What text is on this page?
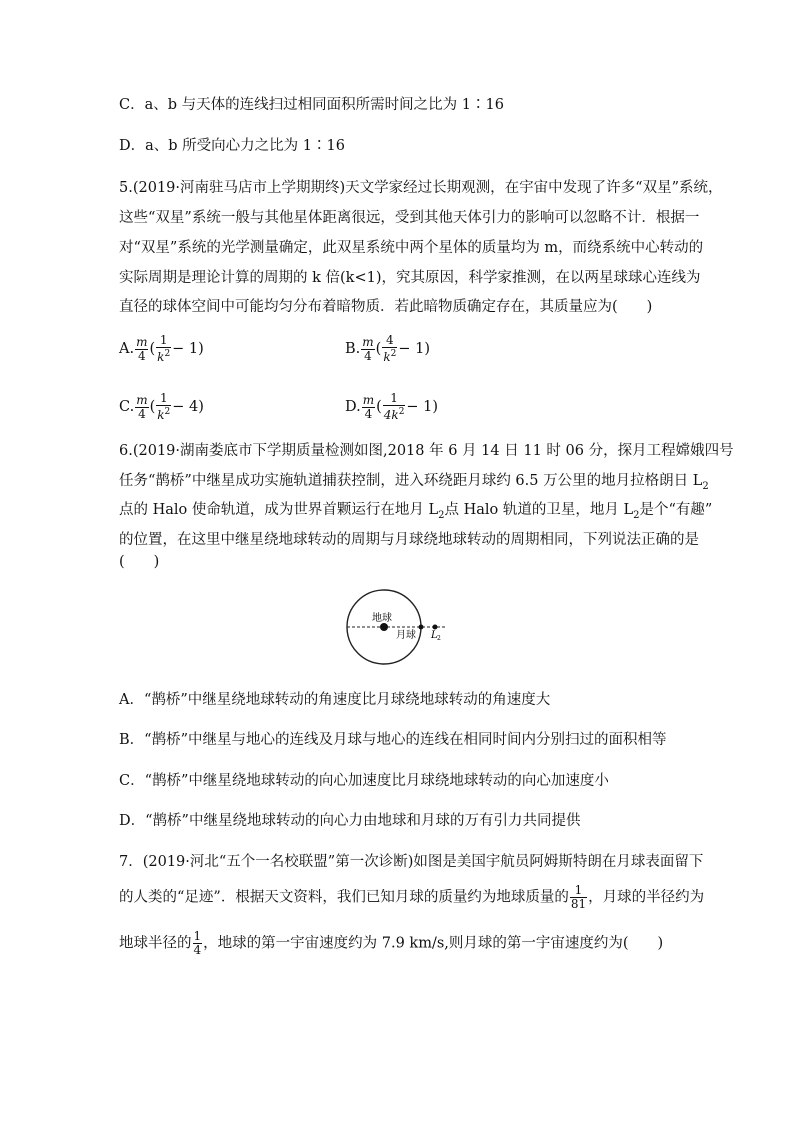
C．a、b 与天体的连线扫过相同面积所需时间之比为 1∶16
D．a、b 所受向心力之比为 1∶16
5.(2019·河南驻马店市上学期期终)天文学家经过长期观测，在宇宙中发现了许多“双星”系统，
这些“双星”系统一般与其他星体距离很远，受到其他天体引力的影响可以忽略不计．根据一
对“双星”系统的光学测量确定，此双星系统中两个星体的质量均为 m，而绕系统中心转动的
实际周期是理论计算的周期的 k 倍(k<1)，究其原因，科学家推测，在以两星球球心连线为
直径的球体空间中可能均匀分布着暗物质．若此暗物质确定存在，其质量应为(　　)
A. $\frac{m}{4}$ ( $\frac{1}{k^2} - 1$)	B. $\frac{m}{4}$ ( $\frac{4}{k^2} - 1$)
C. $\frac{m}{4}$ ( $\frac{1}{k^2} - 4$)	D. $\frac{m}{4}$ ( $\frac{1}{4k^2} - 1$)
6.(2019·湖南娄底市下学期质量检测如图,2018 年 6 月 14 日 11 时 06 分，探月工程嫦娥四号
任务“鹊桥”中继星成功实施轨道捕获控制，进入环绕距月球约 6.5 万公里的地月拉格朗日 $L_2$
点的 Halo 使命轨道，成为世界首颗运行在地月 $L_2$点 Halo 轨道的卫星，地月 $L_2$是个“有趣”
的位置，在这里中继星绕地球转动的周期与月球绕地球转动的周期相同，下列说法正确的是
(　　)
地球
月球 L 2
A．“鹊桥”中继星绕地球转动的角速度比月球绕地球转动的角速度大
B．“鹊桥”中继星与地心的连线及月球与地心的连线在相同时间内分别扫过的面积相等
C．“鹊桥”中继星绕地球转动的向心加速度比月球绕地球转动的向心加速度小
D．“鹊桥”中继星绕地球转动的向心力由地球和月球的万有引力共同提供
7．(2019·河北“五个一名校联盟”第一次诊断)如图是美国宇航员阿姆斯特朗在月球表面留下
的人类的“足迹”．根据天文资料，我们已知月球的质量约为地球质量的 $\frac{1}{81}$ ，月球的半径约为
地球半径的 $\frac{1}{4}$ ，地球的第一宇宙速度约为 7.9 km/s,则月球的第一宇宙速度约为(　　)
